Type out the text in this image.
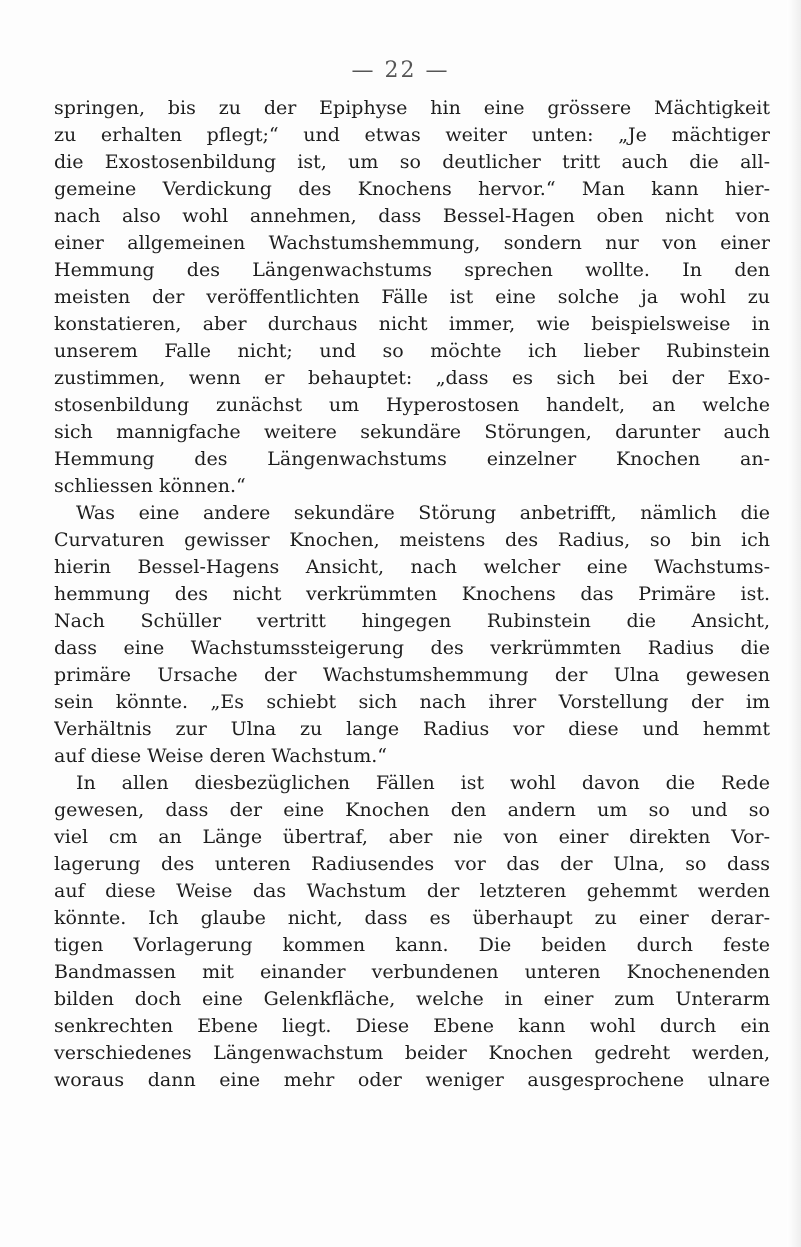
— 22 —
springen, bis zu der Epiphyse hin eine grössere Mächtigkeit
zu erhalten pflegt;“ und etwas weiter unten: „Je mächtiger
die Exostosenbildung ist, um so deutlicher tritt auch die all-
gemeine Verdickung des Knochens hervor.“ Man kann hier-
nach also wohl annehmen, dass Bessel-Hagen oben nicht von
einer allgemeinen Wachstumshemmung, sondern nur von einer
Hemmung des Längenwachstums sprechen wollte. In den
meisten der veröffentlichten Fälle ist eine solche ja wohl zu
konstatieren, aber durchaus nicht immer, wie beispielsweise in
unserem Falle nicht; und so möchte ich lieber Rubinstein
zustimmen, wenn er behauptet: „dass es sich bei der Exo-
stosenbildung zunächst um Hyperostosen handelt, an welche
sich mannigfache weitere sekundäre Störungen, darunter auch
Hemmung des Längenwachstums einzelner Knochen an-
schliessen können.“
Was eine andere sekundäre Störung anbetrifft, nämlich die
Curvaturen gewisser Knochen, meistens des Radius, so bin ich
hierin Bessel-Hagens Ansicht, nach welcher eine Wachstums-
hemmung des nicht verkrümmten Knochens das Primäre ist.
Nach Schüller vertritt hingegen Rubinstein die Ansicht,
dass eine Wachstumssteigerung des verkrümmten Radius die
primäre Ursache der Wachstumshemmung der Ulna gewesen
sein könnte. „Es schiebt sich nach ihrer Vorstellung der im
Verhältnis zur Ulna zu lange Radius vor diese und hemmt
auf diese Weise deren Wachstum.“
In allen diesbezüglichen Fällen ist wohl davon die Rede
gewesen, dass der eine Knochen den andern um so und so
viel cm an Länge übertraf, aber nie von einer direkten Vor-
lagerung des unteren Radiusendes vor das der Ulna, so dass
auf diese Weise das Wachstum der letzteren gehemmt werden
könnte. Ich glaube nicht, dass es überhaupt zu einer derar-
tigen Vorlagerung kommen kann. Die beiden durch feste
Bandmassen mit einander verbundenen unteren Knochenenden
bilden doch eine Gelenkfläche, welche in einer zum Unterarm
senkrechten Ebene liegt. Diese Ebene kann wohl durch ein
verschiedenes Längenwachstum beider Knochen gedreht werden,
woraus dann eine mehr oder weniger ausgesprochene ulnare
